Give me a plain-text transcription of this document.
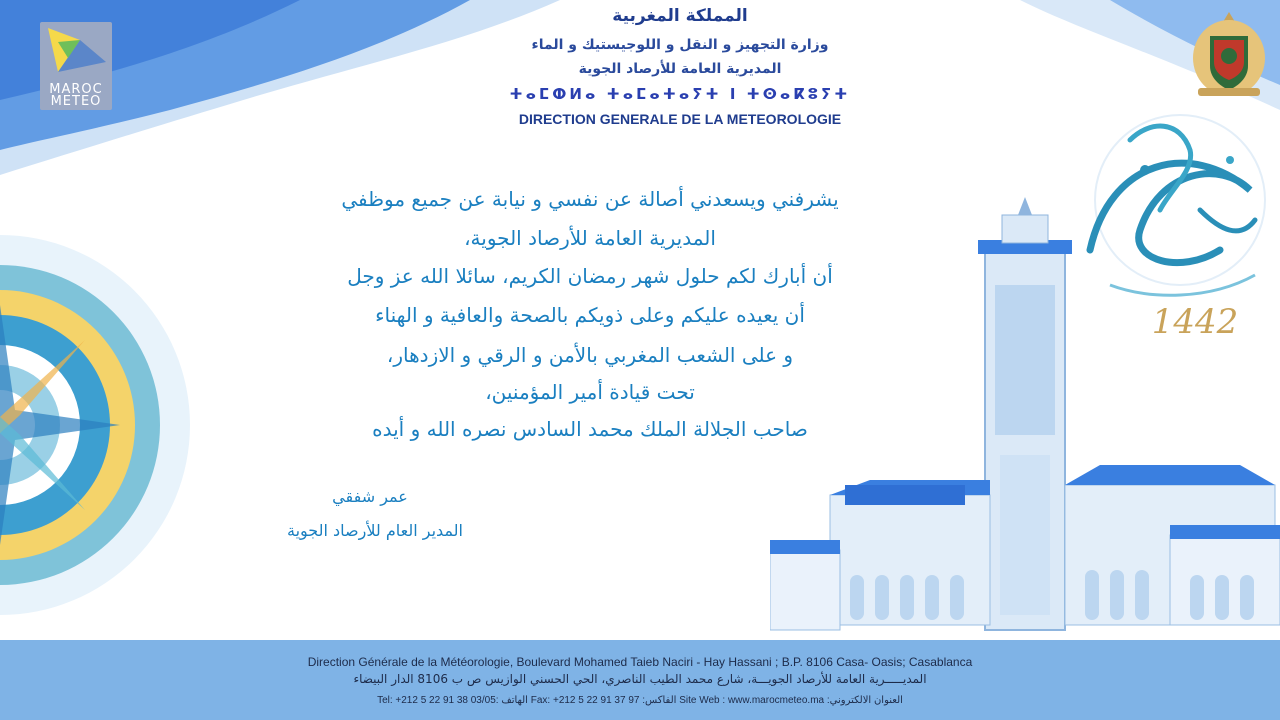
MAROC
METEO
المملكة المغربية
وزارة التجهيز و النقل و اللوجيستيك و الماء
المديرية العامة للأرصاد الجوية
ⵜⴰⵎⵀⵍⴰ ⵜⴰⵎⴰⵜⴰⵢⵜ ⵏ ⵜⵙⴰⴽⵓⵢⵜ
DIRECTION GENERALE DE LA METEOROLOGIE
يشرفني ويسعدني أصالة عن نفسي و نيابة عن جميع موظفي
المديرية العامة للأرصاد الجوية،
أن أبارك لكم حلول شهر رمضان الكريم، سائلا الله عز وجل
أن يعيده عليكم وعلى ذويكم بالصحة والعافية و الهناء
و على الشعب المغربي بالأمن و الرقي و الازدهار،
تحت قيادة أمير المؤمنين،
صاحب الجلالة الملك محمد السادس نصره الله و أيده
عمر شفقي
المدير العام للأرصاد الجوية
1442
Direction Générale de la Météorologie, Boulevard Mohamed Taieb Naciri - Hay Hassani ; B.P. 8106 Casa- Oasis; Casablanca
المديـــــرية العامة للأرصاد الجويـــة، شارع محمد الطيب الناصري، الحي الحسني الوازيس ص ب 8106 الدار البيضاء
Tel: +212 5 22 91 38 03/05: الهاتف Fax: +212 5 22 91 37 97 :الفاكس Site Web : www.marocmeteo.ma :العنوان الالكتروني
